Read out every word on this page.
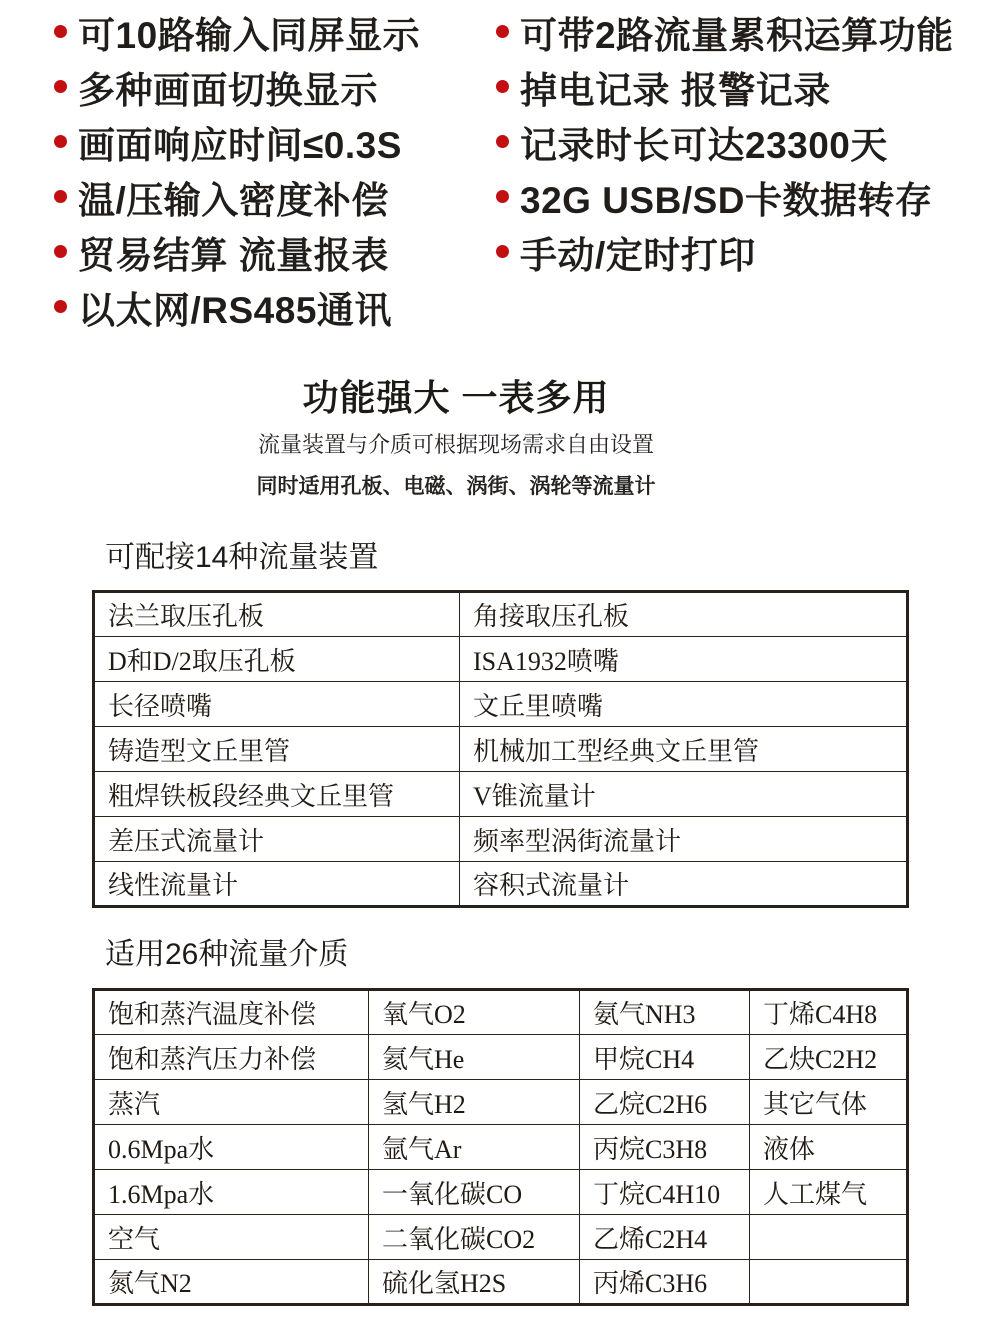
可10路输入同屏显示
多种画面切换显示
画面响应时间≤0.3S
温/压输入密度补偿
贸易结算 流量报表
以太网/RS485通讯
可带2路流量累积运算功能
掉电记录 报警记录
记录时长可达23300天
32G USB/SD卡数据转存
手动/定时打印
功能强大 一表多用
流量装置与介质可根据现场需求自由设置
同时适用孔板、电磁、涡街、涡轮等流量计
可配接14种流量装置
法兰取压孔板	角接取压孔板
D和D/2取压孔板	ISA1932喷嘴
长径喷嘴	文丘里喷嘴
铸造型文丘里管	机械加工型经典文丘里管
粗焊铁板段经典文丘里管	V锥流量计
差压式流量计	频率型涡街流量计
线性流量计	容积式流量计
适用26种流量介质
饱和蒸汽温度补偿	氧气O2	氨气NH3	丁烯C4H8
饱和蒸汽压力补偿	氦气He	甲烷CH4	乙炔C2H2
蒸汽	氢气H2	乙烷C2H6	其它气体
0.6Mpa水	氩气Ar	丙烷C3H8	液体
1.6Mpa水	一氧化碳CO	丁烷C4H10	人工煤气
空气	二氧化碳CO2	乙烯C2H4	
氮气N2	硫化氢H2S	丙烯C3H6	
